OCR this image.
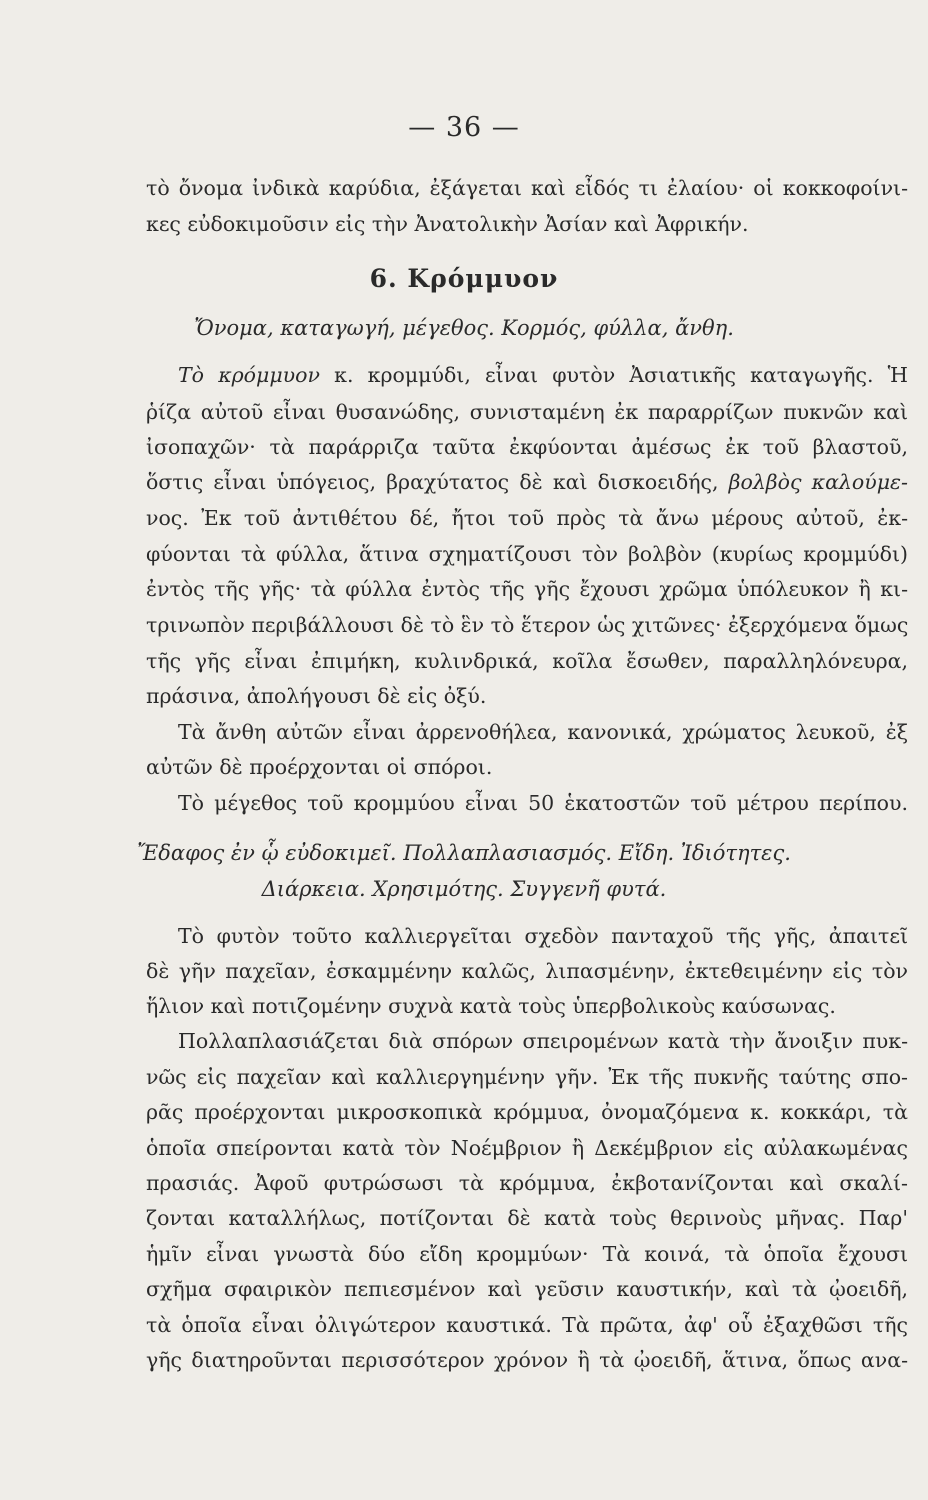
— 36 —
τὸ ὄνομα ἰνδικὰ καρύδια, ἐξάγεται καὶ εἶδός τι ἐλαίου· οἱ κοκκοφοίνι-
κες εὐδοκιμοῦσιν εἰς τὴν Ἀνατολικὴν Ἀσίαν καὶ Ἀφρικήν.
6. Κρόμμυον
Ὄνομα, καταγωγή, μέγεθος. Κορμός, φύλλα, ἄνθη.
Τὸ κρόμμυον κ. κρομμύδι, εἶναι φυτὸν Ἀσιατικῆς καταγωγῆς. Ἡ
ῥίζα αὐτοῦ εἶναι θυσανώδης, συνισταμένη ἐκ παραρρίζων πυκνῶν καὶ
ἰσοπαχῶν· τὰ παράρριζα ταῦτα ἐκφύονται ἀμέσως ἐκ τοῦ βλαστοῦ,
ὅστις εἶναι ὑπόγειος, βραχύτατος δὲ καὶ δισκοειδής, βολβὸς καλούμε-
νος. Ἐκ τοῦ ἀντιθέτου δέ, ἤτοι τοῦ πρὸς τὰ ἄνω μέρους αὐτοῦ, ἐκ-
φύονται τὰ φύλλα, ἅτινα σχηματίζουσι τὸν βολβὸν (κυρίως κρομμύδι)
ἐντὸς τῆς γῆς· τὰ φύλλα ἐντὸς τῆς γῆς ἔχουσι χρῶμα ὑπόλευκον ἢ κι-
τρινωπὸν περιβάλλουσι δὲ τὸ ἓν τὸ ἕτερον ὡς χιτῶνες· ἐξερχόμενα ὅμως
τῆς γῆς εἶναι ἐπιμήκη, κυλινδρικά, κοῖλα ἔσωθεν, παραλληλόνευρα,
πράσινα, ἀπολήγουσι δὲ εἰς ὀξύ.
Τὰ ἄνθη αὐτῶν εἶναι ἀρρενοθήλεα, κανονικά, χρώματος λευκοῦ, ἐξ
αὐτῶν δὲ προέρχονται οἱ σπόροι.
Τὸ μέγεθος τοῦ κρομμύου εἶναι 50 ἑκατοστῶν τοῦ μέτρου περίπου.
Ἔδαφος ἐν ᾧ εὐδοκιμεῖ. Πολλαπλασιασμός. Εἴδη. Ἰδιότητες.
Διάρκεια. Χρησιμότης. Συγγενῆ φυτά.
Τὸ φυτὸν τοῦτο καλλιεργεῖται σχεδὸν πανταχοῦ τῆς γῆς, ἀπαιτεῖ
δὲ γῆν παχεῖαν, ἐσκαμμένην καλῶς, λιπασμένην, ἐκτεθειμένην εἰς τὸν
ἥλιον καὶ ποτιζομένην συχνὰ κατὰ τοὺς ὑπερβολικοὺς καύσωνας.
Πολλαπλασιάζεται διὰ σπόρων σπειρομένων κατὰ τὴν ἄνοιξιν πυκ-
νῶς εἰς παχεῖαν καὶ καλλιεργημένην γῆν. Ἐκ τῆς πυκνῆς ταύτης σπο-
ρᾶς προέρχονται μικροσκοπικὰ κρόμμυα, ὀνομαζόμενα κ. κοκκάρι, τὰ
ὁποῖα σπείρονται κατὰ τὸν Νοέμβριον ἢ Δεκέμβριον εἰς αὐλακωμένας
πρασιάς. Ἀφοῦ φυτρώσωσι τὰ κρόμμυα, ἐκβοτανίζονται καὶ σκαλί-
ζονται καταλλήλως, ποτίζονται δὲ κατὰ τοὺς θερινοὺς μῆνας. Παρ'
ἡμῖν εἶναι γνωστὰ δύο εἴδη κρομμύων· Τὰ κοινά, τὰ ὁποῖα ἔχουσι
σχῆμα σφαιρικὸν πεπιεσμένον καὶ γεῦσιν καυστικήν, καὶ τὰ ᾠοειδῆ,
τὰ ὁποῖα εἶναι ὀλιγώτερον καυστικά. Τὰ πρῶτα, ἀφ' οὗ ἐξαχθῶσι τῆς
γῆς διατηροῦνται περισσότερον χρόνον ἢ τὰ ᾠοειδῆ, ἅτινα, ὅπως ανα-
